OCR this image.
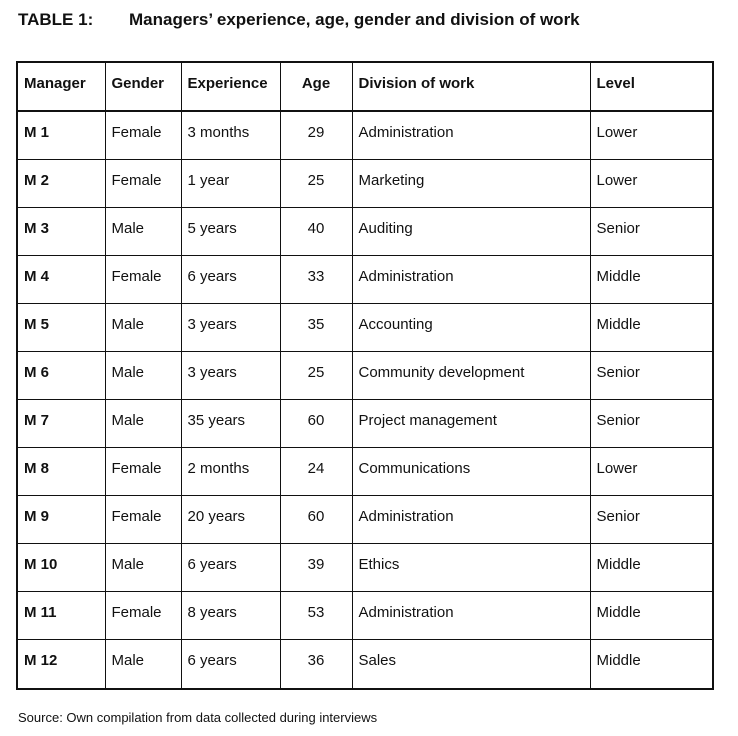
TABLE 1: Managers’ experience, age, gender and division of work
Manager	Gender	Experience	Age	Division of work	Level
M 1	Female	3 months	29	Administration	Lower
M 2	Female	1 year	25	Marketing	Lower
M 3	Male	5 years	40	Auditing	Senior
M 4	Female	6 years	33	Administration	Middle
M 5	Male	3 years	35	Accounting	Middle
M 6	Male	3 years	25	Community development	Senior
M 7	Male	35 years	60	Project management	Senior
M 8	Female	2 months	24	Communications	Lower
M 9	Female	20 years	60	Administration	Senior
M 10	Male	6 years	39	Ethics	Middle
M 11	Female	8 years	53	Administration	Middle
M 12	Male	6 years	36	Sales	Middle
Source: Own compilation from data collected during interviews
